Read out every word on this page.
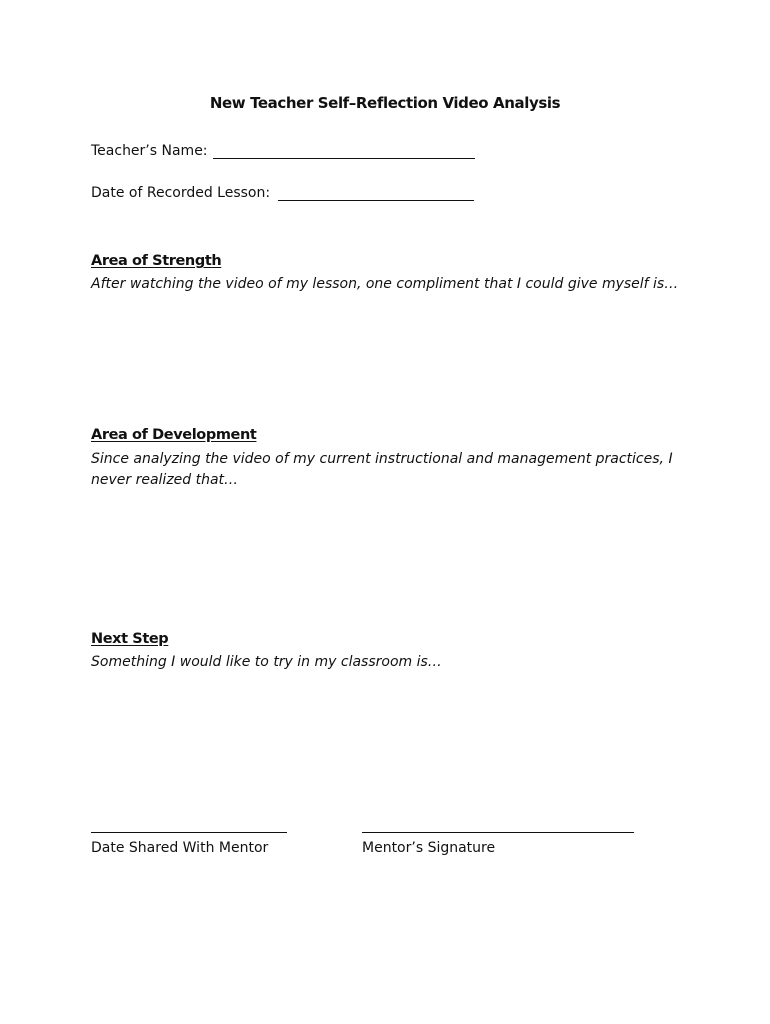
New Teacher Self–Reflection Video Analysis
Teacher’s Name:
Date of Recorded Lesson:
Area of Strength
After watching the video of my lesson, one compliment that I could give myself is…
Area of Development
Since analyzing the video of my current instructional and management practices, I never realized that…
Next Step
Something I would like to try in my classroom is…
Date Shared With Mentor	Mentor’s Signature
